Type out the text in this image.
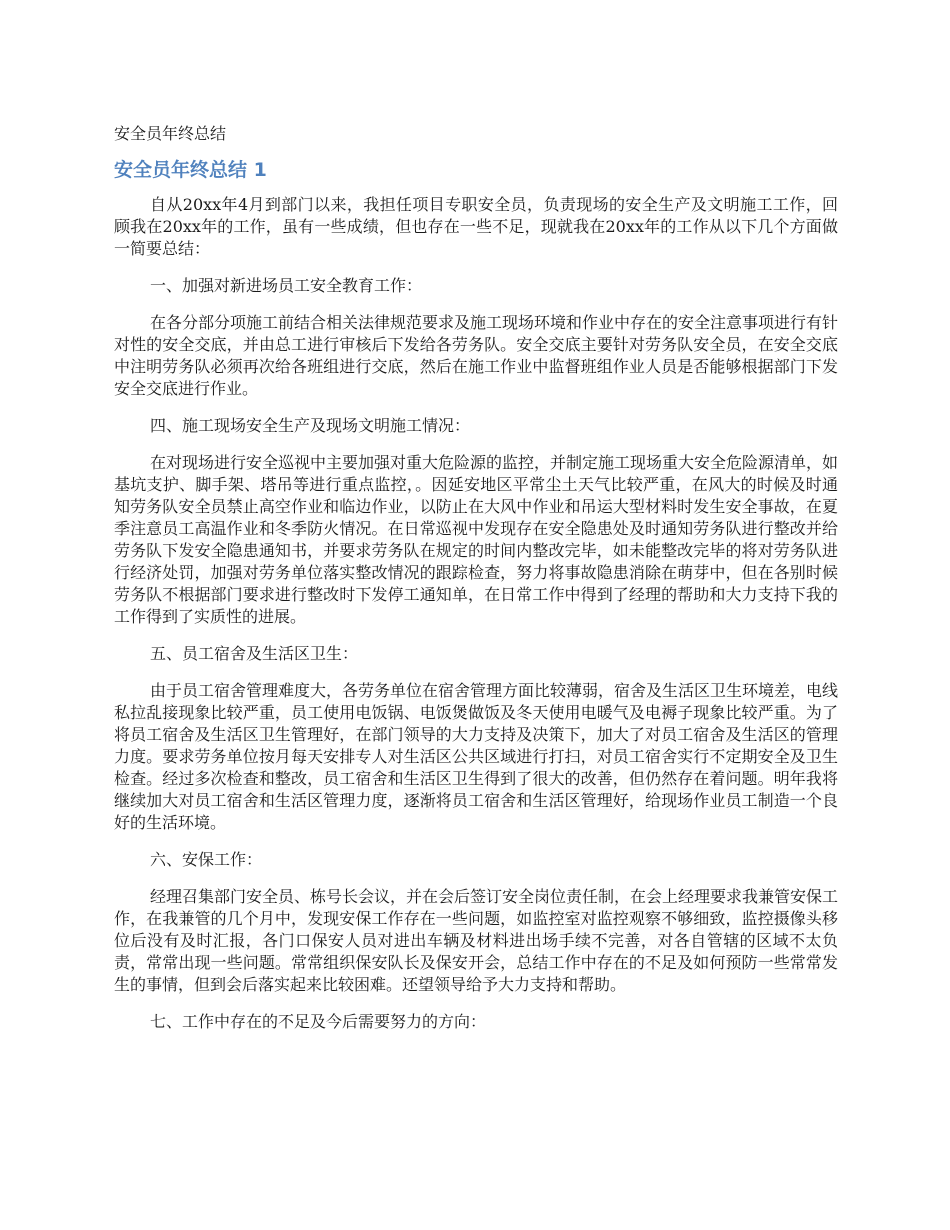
安全员年终总结
安全员年终总结 1

自从20xx年4月到部门以来，我担任项目专职安全员，负责现场的安全生产及文明施工工作，回顾我在20xx年的工作，虽有一些成绩，但也存在一些不足，现就我在20xx年的工作从以下几个方面做一简要总结：

一、加强对新进场员工安全教育工作：

在各分部分项施工前结合相关法律规范要求及施工现场环境和作业中存在的安全注意事项进行有针对性的安全交底，并由总工进行审核后下发给各劳务队。安全交底主要针对劳务队安全员，在安全交底中注明劳务队必须再次给各班组进行交底，然后在施工作业中监督班组作业人员是否能够根据部门下发安全交底进行作业。

四、施工现场安全生产及现场文明施工情况：

在对现场进行安全巡视中主要加强对重大危险源的监控，并制定施工现场重大安全危险源清单，如基坑支护、脚手架、塔吊等进行重点监控，。因延安地区平常尘土天气比较严重，在风大的时候及时通知劳务队安全员禁止高空作业和临边作业，以防止在大风中作业和吊运大型材料时发生安全事故，在夏季注意员工高温作业和冬季防火情况。在日常巡视中发现存在安全隐患处及时通知劳务队进行整改并给劳务队下发安全隐患通知书，并要求劳务队在规定的时间内整改完毕，如未能整改完毕的将对劳务队进行经济处罚，加强对劳务单位落实整改情况的跟踪检查，努力将事故隐患消除在萌芽中，但在各别时候劳务队不根据部门要求进行整改时下发停工通知单，在日常工作中得到了经理的帮助和大力支持下我的工作得到了实质性的进展。

五、员工宿舍及生活区卫生：

由于员工宿舍管理难度大，各劳务单位在宿舍管理方面比较薄弱，宿舍及生活区卫生环境差，电线私拉乱接现象比较严重，员工使用电饭锅、电饭煲做饭及冬天使用电暖气及电褥子现象比较严重。为了将员工宿舍及生活区卫生管理好，在部门领导的大力支持及决策下，加大了对员工宿舍及生活区的管理力度。要求劳务单位按月每天安排专人对生活区公共区域进行打扫，对员工宿舍实行不定期安全及卫生检查。经过多次检查和整改，员工宿舍和生活区卫生得到了很大的改善，但仍然存在着问题。明年我将继续加大对员工宿舍和生活区管理力度，逐渐将员工宿舍和生活区管理好，给现场作业员工制造一个良好的生活环境。

六、安保工作：

经理召集部门安全员、栋号长会议，并在会后签订安全岗位责任制，在会上经理要求我兼管安保工作，在我兼管的几个月中，发现安保工作存在一些问题，如监控室对监控观察不够细致，监控摄像头移位后没有及时汇报，各门口保安人员对进出车辆及材料进出场手续不完善，对各自管辖的区域不太负责，常常出现一些问题。常常组织保安队长及保安开会，总结工作中存在的不足及如何预防一些常常发生的事情，但到会后落实起来比较困难。还望领导给予大力支持和帮助。

七、工作中存在的不足及今后需要努力的方向：
